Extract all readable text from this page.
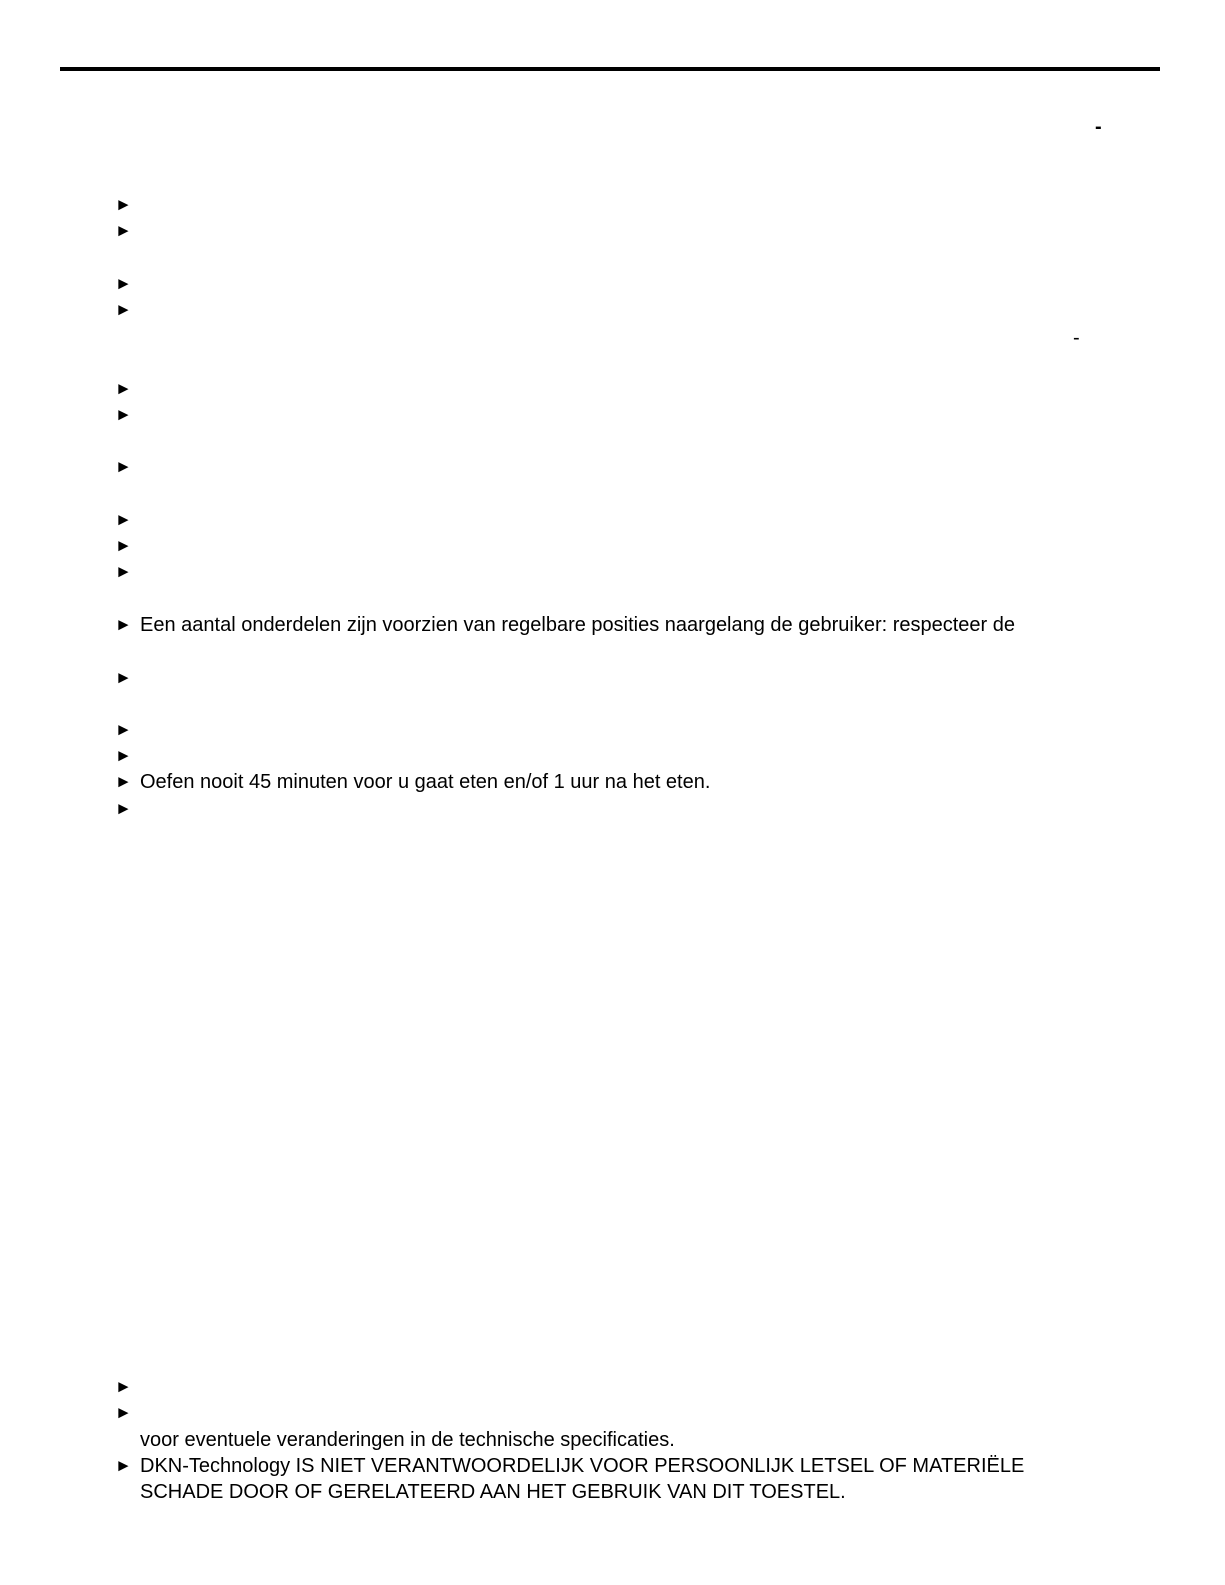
-
-
►
►
►
►
►
►
►
►
►
►
► Een aantal onderdelen zijn voorzien van regelbare posities naargelang de gebruiker: respecteer de
►
►
►
► Oefen nooit 45 minuten voor u gaat eten en/of 1 uur na het eten.
►
►
►
voor eventuele veranderingen in de technische specificaties.
► DKN-Technology IS NIET VERANTWOORDELIJK VOOR PERSOONLIJK LETSEL OF MATERIËLE
SCHADE DOOR OF GERELATEERD AAN HET GEBRUIK VAN DIT TOESTEL.
